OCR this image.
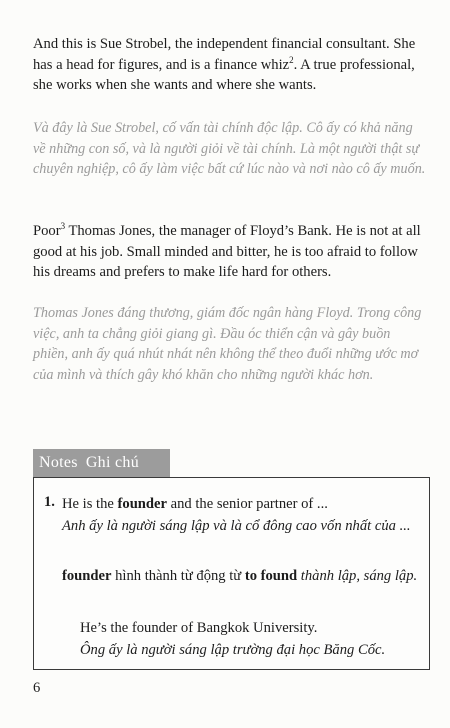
And this is Sue Strobel, the independent financial consultant. She has a head for figures, and is a finance whiz$^2$. A true professional, she works when she wants and where she wants.

Và đây là Sue Strobel, cố vấn tài chính độc lập. Cô ấy có khả năng về những con số, và là người giỏi về tài chính. Là một người thật sự chuyên nghiệp, cô ấy làm việc bất cứ lúc nào và nơi nào cô ấy muốn.

Poor$^3$ Thomas Jones, the manager of Floyd’s Bank. He is not at all good at his job. Small minded and bitter, he is too afraid to follow his dreams and prefers to make life hard for others.

Thomas Jones đáng thương, giám đốc ngân hàng Floyd. Trong công việc, anh ta chẳng giỏi giang gì. Đầu óc thiển cận và gây buồn phiền, anh ấy quá nhút nhát nên không thể theo đuổi những ước mơ của mình và thích gây khó khăn cho những người khác hơn.

Notes Ghi chú
1. He is the founder and the senior partner of ...

Anh ấy là người sáng lập và là cổ đông cao vốn nhất của ...

founder hình thành từ động từ to found thành lập, sáng lập.

He’s the founder of Bangkok University.

Ông ấy là người sáng lập trường đại học Băng Cốc.

6
